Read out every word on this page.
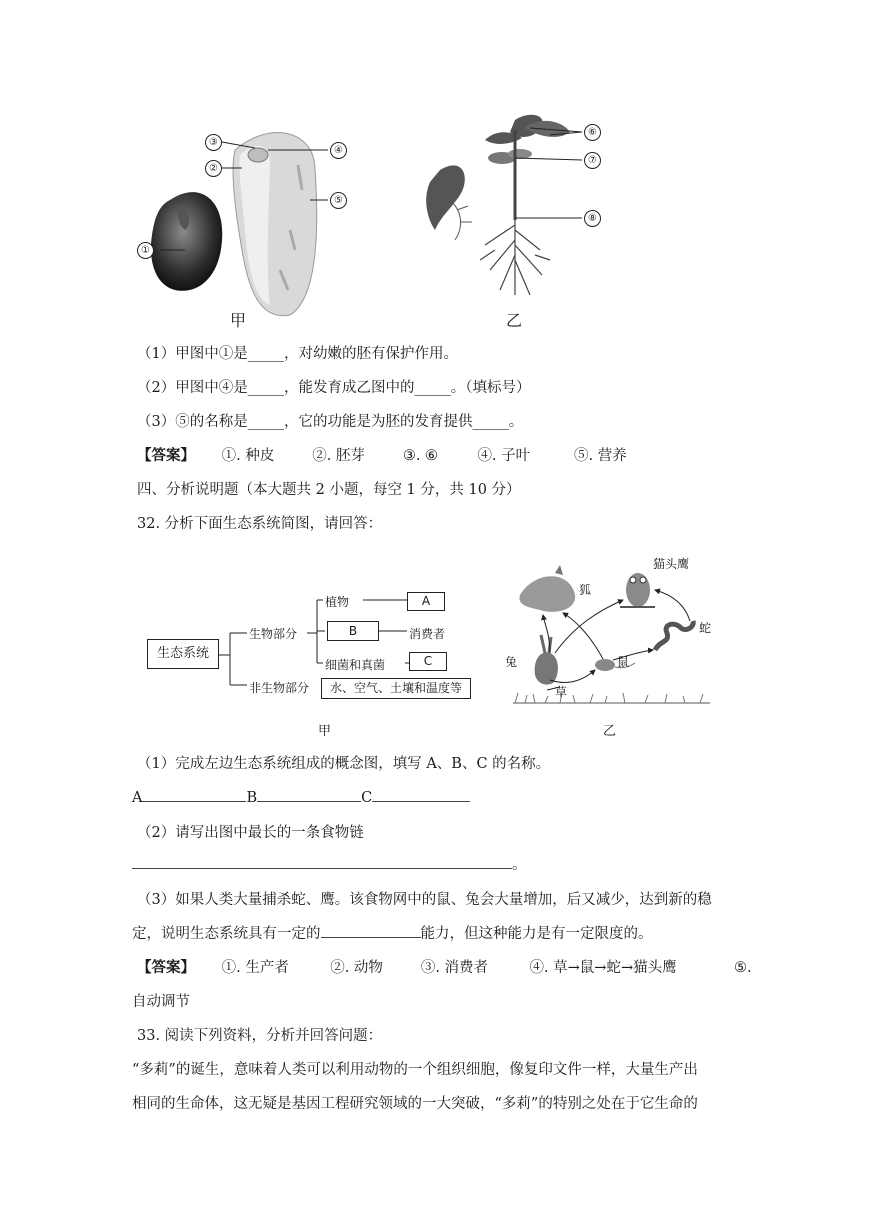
①
②
③
④
⑤
⑥
⑦
⑧
甲	乙
（1）甲图中①是_____，对幼嫩的胚有保护作用。
（2）甲图中④是_____，能发育成乙图中的_____。（填标号）
（3）⑤的名称是_____，它的功能是为胚的发育提供_____。
【答案】 ①. 种皮	②. 胚芽	③. ⑥	④. 子叶	⑤. 营养
四、分析说明题（本大题共 2 小题，每空 1 分，共 10 分）
32. 分析下面生态系统简图，请回答：
生态系统
生物部分
非生物部分
植物	A
B	消费者
细菌和真菌	C
水、空气、土壤和温度等
甲
猫头鹰
狐
蛇
兔	鼠
草
乙
（1）完成左边生态系统组成的概念图，填写 A、B、C 的名称。
A	B	C
（2）请写出图中最长的一条食物链
。
（3）如果人类大量捕杀蛇、鹰。该食物网中的鼠、兔会大量增加，后又减少，达到新的稳
定，说明生态系统具有一定的	能力，但这种能力是有一定限度的。
【答案】 ①. 生产者	②. 动物	③. 消费者	④. 草→鼠→蛇→猫头鹰	⑤.
自动调节
33. 阅读下列资料，分析并回答问题：
“多莉”的诞生，意味着人类可以利用动物的一个组织细胞，像复印文件一样，大量生产出
相同的生命体，这无疑是基因工程研究领域的一大突破，“多莉”的特别之处在于它生命的
